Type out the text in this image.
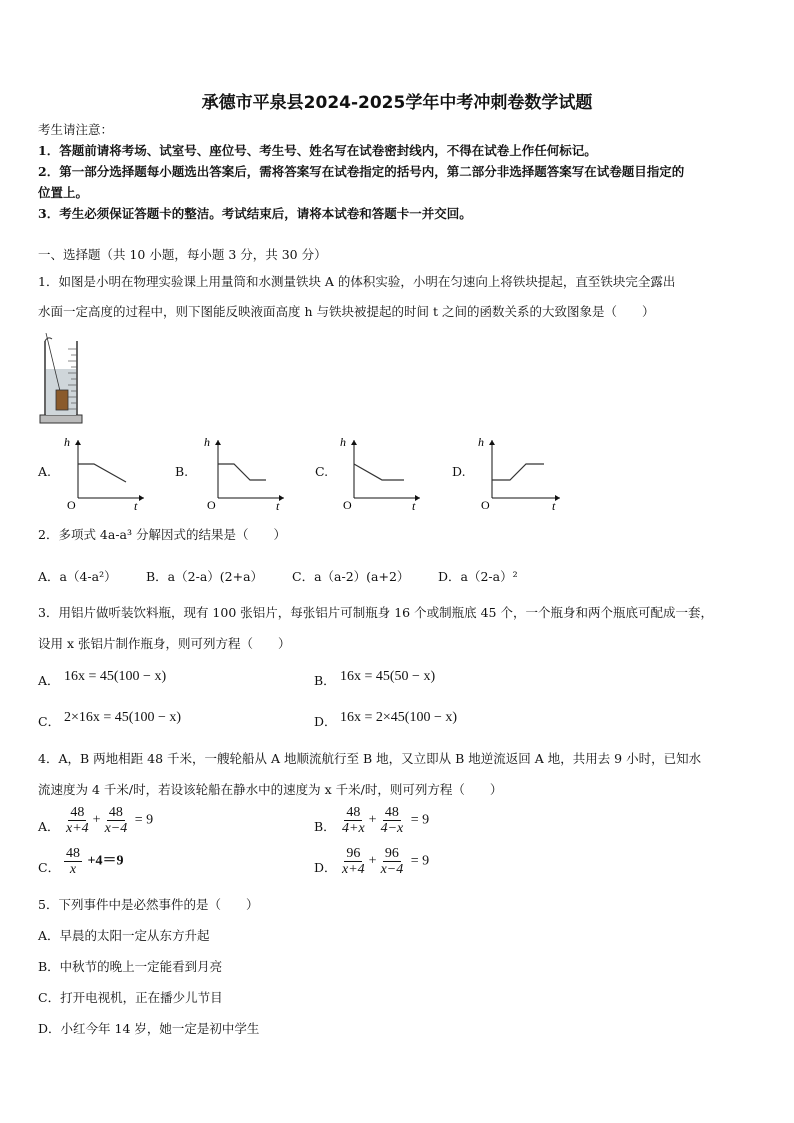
承德市平泉县2024-2025学年中考冲刺卷数学试题
考生请注意：
1．答题前请将考场、试室号、座位号、考生号、姓名写在试卷密封线内，不得在试卷上作任何标记。
2．第一部分选择题每小题选出答案后，需将答案写在试卷指定的括号内，第二部分非选择题答案写在试卷题目指定的
位置上。
3．考生必须保证答题卡的整洁。考试结束后，请将本试卷和答题卡一并交回。
一、选择题（共 10 小题，每小题 3 分，共 30 分）
1．如图是小明在物理实验课上用量筒和水测量铁块 A 的体积实验，小明在匀速向上将铁块提起，直至铁块完全露出
水面一定高度的过程中，则下图能反映液面高度 h 与铁块被提起的时间 t 之间的函数关系的大致图象是（　　）
A.
h
t
O
B.
h
t
O
C.
h
t
O
D.
h
t
O
2．多项式 4a-a³ 分解因式的结果是（　　）
A．a（4-a²） B．a（2-a）(2+a） C．a（a-2）(a+2） D．a（2-a）²
3．用铝片做听装饮料瓶，现有 100 张铝片，每张铝片可制瓶身 16 个或制瓶底 45 个，一个瓶身和两个瓶底可配成一套，
设用 x 张铝片制作瓶身，则可列方程（　　）
A． 16x = 45(100 − x)	B． 16x = 45(50 − x)
C． 2×16x = 45(100 − x)	D． 16x = 2×45(100 − x)
4．A，B 两地相距 48 千米，一艘轮船从 A 地顺流航行至 B 地，又立即从 B 地逆流返回 A 地，共用去 9 小时，已知水
流速度为 4 千米/时，若设该轮船在静水中的速度为 x 千米/时，则可列方程（　　）
A． $\frac{48}{x+4} + \frac{48}{x-4} = 9$	B． $\frac{48}{4+x} + \frac{48}{4-x} = 9$
C． $\frac{48}{x} +4=9$	D． $\frac{96}{x+4} + \frac{96}{x-4} = 9$
5．下列事件中是必然事件的是（　　）
A．早晨的太阳一定从东方升起
B．中秋节的晚上一定能看到月亮
C．打开电视机，正在播少儿节目
D．小红今年 14 岁，她一定是初中学生
